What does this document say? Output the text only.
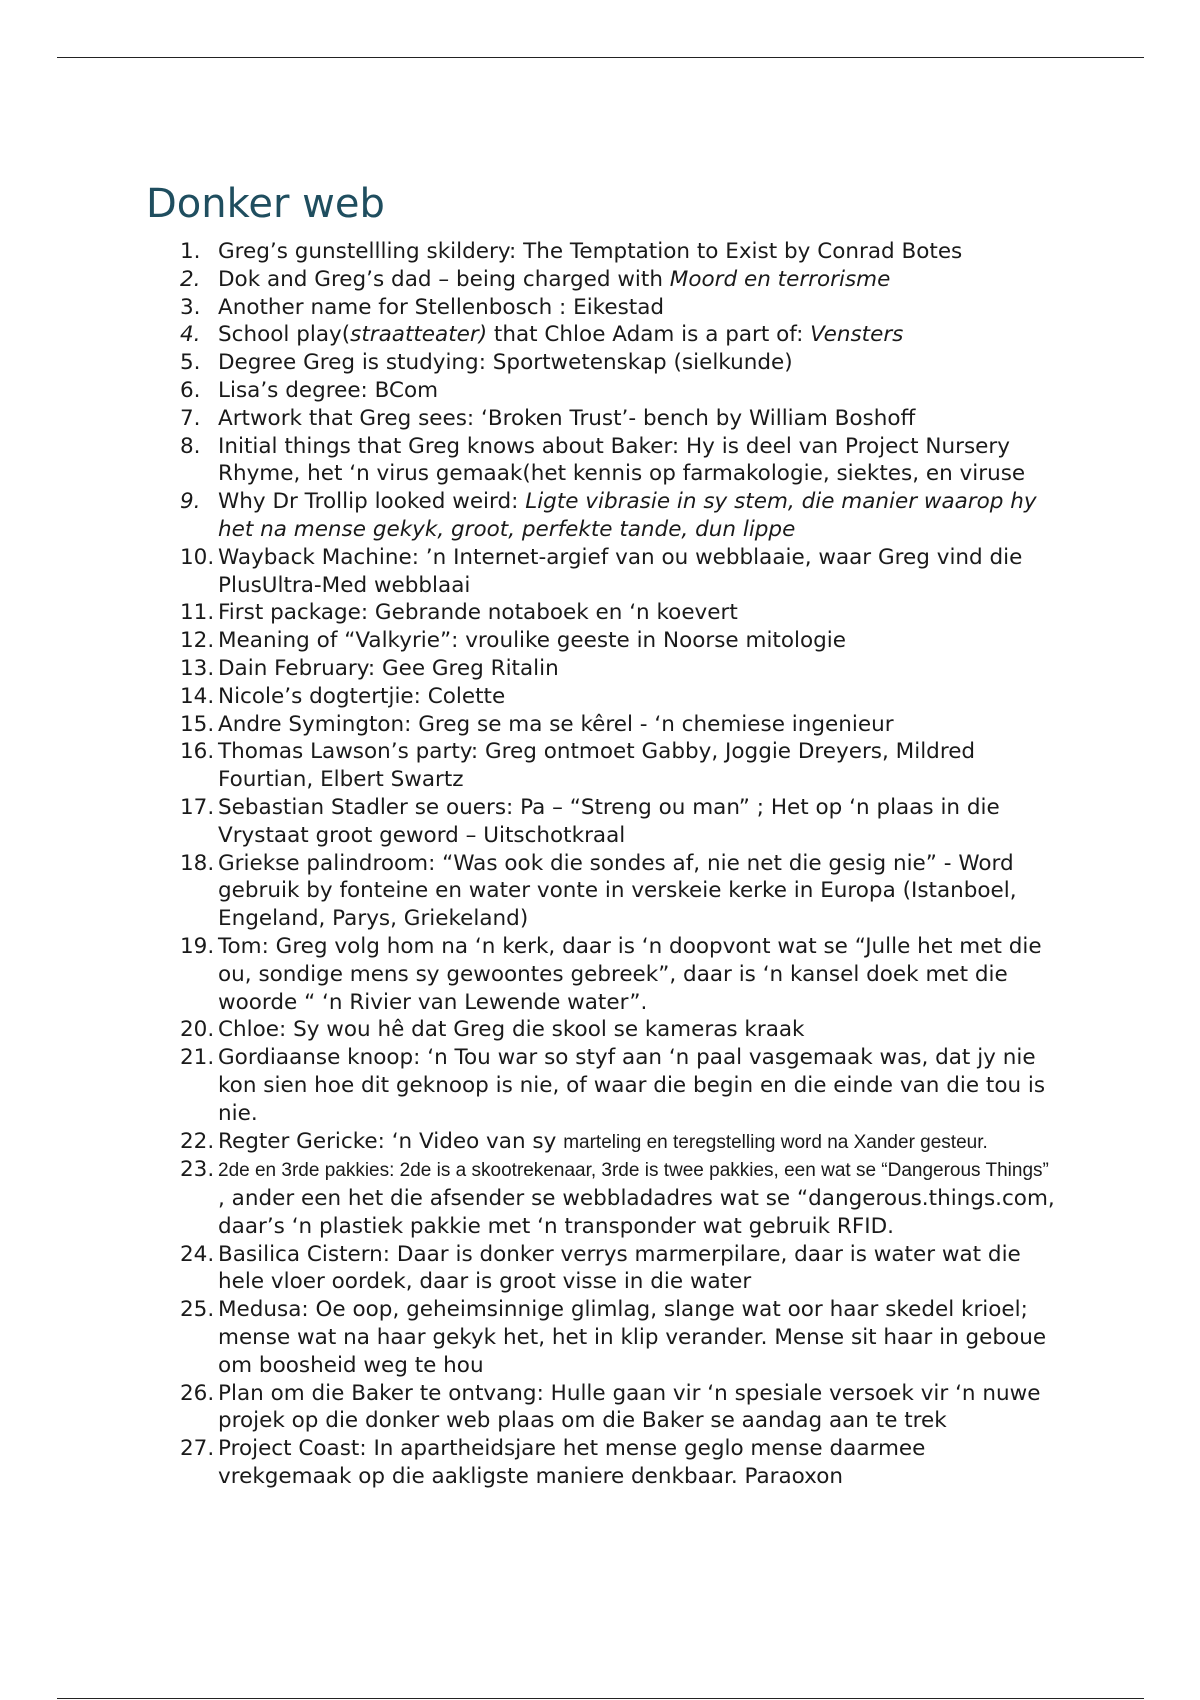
Donker web
1. Greg’s gunstellling skildery: The Temptation to Exist by Conrad Botes
2. Dok and Greg’s dad – being charged with Moord en terrorisme
3. Another name for Stellenbosch : Eikestad
4. School play(straatteater) that Chloe Adam is a part of: Vensters
5. Degree Greg is studying: Sportwetenskap (sielkunde)
6. Lisa’s degree: BCom
7. Artwork that Greg sees: ‘Broken Trust’- bench by William Boshoff
8. Initial things that Greg knows about Baker: Hy is deel van Project Nursery Rhyme, het ‘n virus gemaak(het kennis op farmakologie, siektes, en viruse
9. Why Dr Trollip looked weird: Ligte vibrasie in sy stem, die manier waarop hy het na mense gekyk, groot, perfekte tande, dun lippe
10. Wayback Machine: ’n Internet-argief van ou webblaaie, waar Greg vind die PlusUltra-Med webblaai
11. First package: Gebrande notaboek en ‘n koevert
12. Meaning of “Valkyrie”: vroulike geeste in Noorse mitologie
13. Dain February: Gee Greg Ritalin
14. Nicole’s dogtertjie: Colette
15. Andre Symington: Greg se ma se kêrel - ‘n chemiese ingenieur
16. Thomas Lawson’s party: Greg ontmoet Gabby, Joggie Dreyers, Mildred Fourtian, Elbert Swartz
17. Sebastian Stadler se ouers: Pa – “Streng ou man” ; Het op ‘n plaas in die Vrystaat groot geword – Uitschotkraal
18. Griekse palindroom: “Was ook die sondes af, nie net die gesig nie” - Word gebruik by fonteine en water vonte in verskeie kerke in Europa (Istanboel, Engeland, Parys, Griekeland)
19. Tom: Greg volg hom na ‘n kerk, daar is ‘n doopvont wat se “Julle het met die ou, sondige mens sy gewoontes gebreek”, daar is ‘n kansel doek met die woorde “ ‘n Rivier van Lewende water”.
20. Chloe: Sy wou hê dat Greg die skool se kameras kraak
21. Gordiaanse knoop: ‘n Tou war so styf aan ‘n paal vasgemaak was, dat jy nie kon sien hoe dit geknoop is nie, of waar die begin en die einde van die tou is nie.
22. Regter Gericke: ‘n Video van sy marteling en teregstelling word na Xander gesteur.
23. 2de en 3rde pakkies: 2de is a skootrekenaar, 3rde is twee pakkies, een wat se “Dangerous Things” , ander een het die afsender se webbladadres wat se “dangerous.things.com, daar’s ‘n plastiek pakkie met ‘n transponder wat gebruik RFID.
24. Basilica Cistern: Daar is donker verrys marmerpilare, daar is water wat die hele vloer oordek, daar is groot visse in die water
25. Medusa: Oe oop, geheimsinnige glimlag, slange wat oor haar skedel krioel; mense wat na haar gekyk het, het in klip verander. Mense sit haar in geboue om boosheid weg te hou
26. Plan om die Baker te ontvang: Hulle gaan vir ‘n spesiale versoek vir ‘n nuwe projek op die donker web plaas om die Baker se aandag aan te trek
27. Project Coast: In apartheidsjare het mense geglo mense daarmee vrekgemaak op die aakligste maniere denkbaar. Paraoxon
